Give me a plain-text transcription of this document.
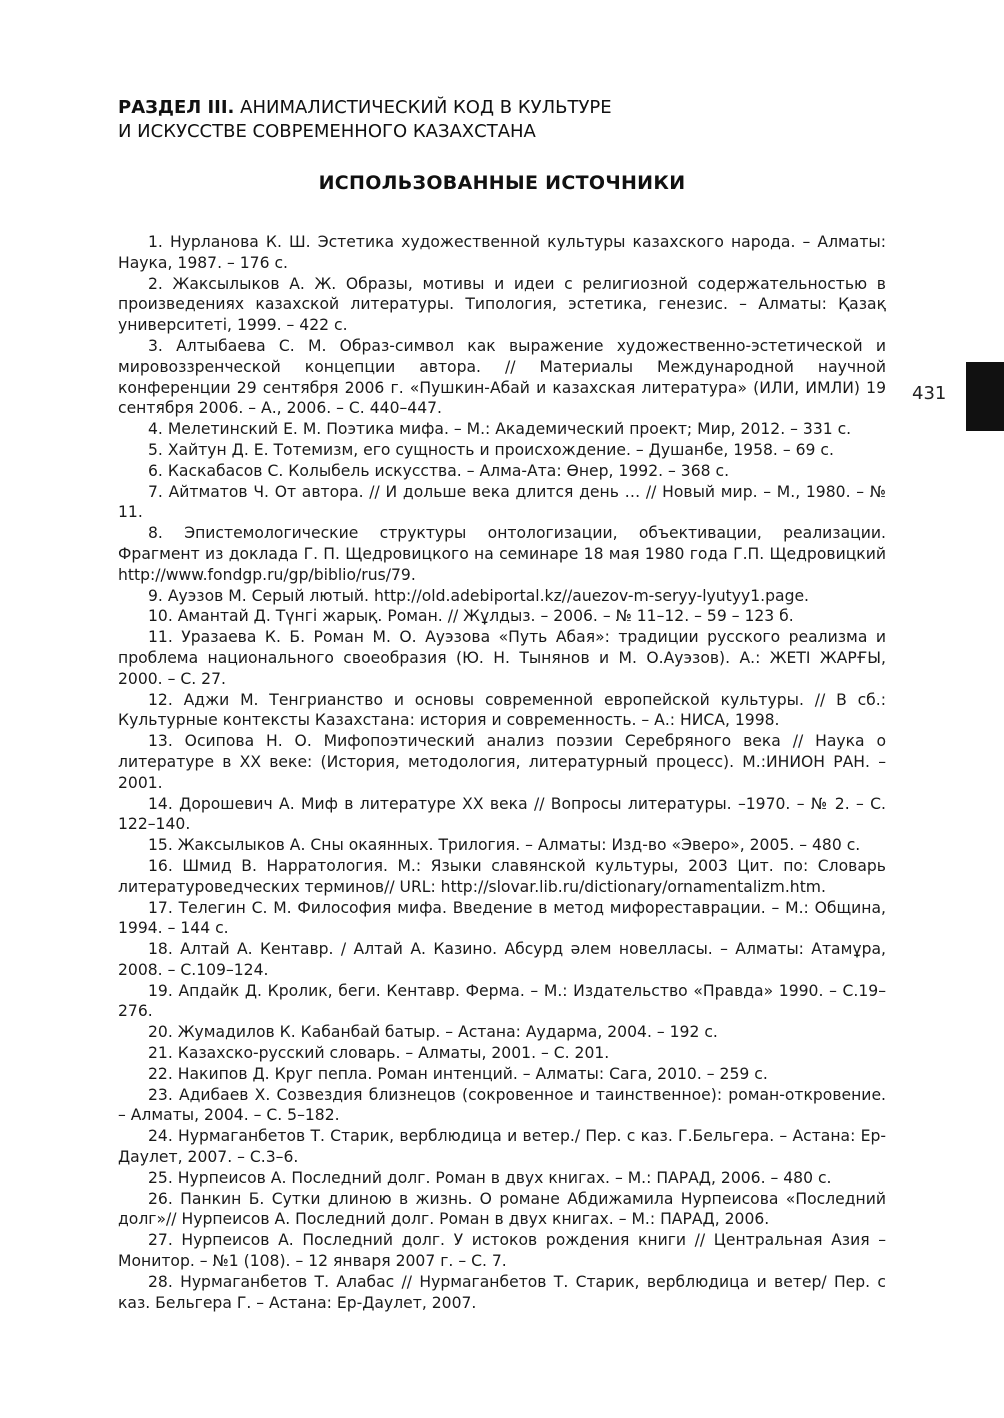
РАЗДЕЛ III. АНИМАЛИСТИЧЕСКИЙ КОД В КУЛЬТУРЕ
И ИСКУССТВЕ СОВРЕМЕННОГО КАЗАХСТАНА
ИСПОЛЬЗОВАННЫЕ ИСТОЧНИКИ
1. Нурланова К. Ш. Эстетика художественной культуры казахского народа. – Алматы: Наука, 1987. – 176 с.
2. Жаксылыков А. Ж. Образы, мотивы и идеи с религиозной содержательностью в произведениях казахской литературы. Типология, эстетика, генезис. – Алматы: Қазақ университеті, 1999. – 422 с.
3. Алтыбаева С. М. Образ-символ как выражение художественно-эстетической и мировоззренческой концепции автора. // Материалы Международной научной конференции 29 сентября 2006 г. «Пушкин-Абай и казахская литература» (ИЛИ, ИМЛИ) 19 сентября 2006. – А., 2006. – С. 440–447.
4. Мелетинский Е. М. Поэтика мифа. – М.: Академический проект; Мир, 2012. – 331 с.
5. Хайтун Д. Е. Тотемизм, его сущность и происхождение. – Душанбе, 1958. – 69 с.
6. Каскабасов С. Колыбель искусства. – Алма-Ата: Өнер, 1992. – 368 с.
7. Айтматов Ч. От автора. // И дольше века длится день … // Новый мир. – М., 1980. – № 11.
8. Эпистемологические структуры онтологизации, объективации, реализации. Фрагмент из доклада Г. П. Щедровицкого на семинаре 18 мая 1980 года Г.П. Щедровицкий http://www.fondgp.ru/gp/biblio/rus/79.
9. Ауэзов М. Серый лютый. http://old.adebiportal.kz//auezov-m-seryy-lyutyy1.page.
10. Амантай Д. Түнгі жарық. Роман. // Жұлдыз. – 2006. – № 11–12. – 59 – 123 б.
11. Уразаева К. Б. Роман М. О. Ауэзова «Путь Абая»: традиции русского реализма и проблема национального своеобразия (Ю. Н. Тынянов и М. О.Ауэзов). А.: ЖЕТІ ЖАРҒЫ, 2000. – С. 27.
12. Аджи М. Тенгрианство и основы современной европейской культуры. // В сб.: Культурные контексты Казахстана: история и современность. – А.: НИСА, 1998.
13. Осипова Н. О. Мифопоэтический анализ поэзии Серебряного века // Наука о литературе в XX веке: (История, методология, литературный процесс). М.:ИНИОН РАН. – 2001.
14. Дорошевич А. Миф в литературе XX века // Вопросы литературы. –1970. – № 2. – С. 122–140.
15. Жаксылыков А. Сны окаянных. Трилогия. – Алматы: Изд-во «Эверо», 2005. – 480 с.
16. Шмид В. Нарратология. М.: Языки славянской культуры, 2003 Цит. по: Словарь литературоведческих терминов// URL: http://slovar.lib.ru/dictionary/ornamentalizm.htm.
17. Телегин С. М. Философия мифа. Введение в метод мифореставрации. – М.: Община, 1994. – 144 с.
18. Алтай А. Кентавр. / Алтай А. Казино. Абсурд әлем новелласы. – Алматы: Атамұра, 2008. – С.109–124.
19. Апдайк Д. Кролик, беги. Кентавр. Ферма. – М.: Издательство «Правда» 1990. – С.19–276.
20. Жумадилов К. Кабанбай батыр. – Астана: Аударма, 2004. – 192 с.
21. Казахско-русский словарь. – Алматы, 2001. – С. 201.
22. Накипов Д. Круг пепла. Роман интенций. – Алматы: Сага, 2010. – 259 с.
23. Адибаев Х. Созвездия близнецов (сокровенное и таинственное): роман-откровение. – Алматы, 2004. – С. 5–182.
24. Нурмаганбетов Т. Старик, верблюдица и ветер./ Пер. с каз. Г.Бельгера. – Астана: Ер-Даулет, 2007. – С.3–6.
25. Нурпеисов А. Последний долг. Роман в двух книгах. – М.: ПАРАД, 2006. – 480 с.
26. Панкин Б. Сутки длиною в жизнь. О романе Абдижамила Нурпеисова «Последний долг»// Нурпеисов А. Последний долг. Роман в двух книгах. – М.: ПАРАД, 2006.
27. Нурпеисов А. Последний долг. У истоков рождения книги // Центральная Азия – Монитор. – №1 (108). – 12 января 2007 г. – С. 7.
28. Нурмаганбетов Т. Алабас // Нурмаганбетов Т. Старик, верблюдица и ветер/ Пер. с каз. Бельгера Г. – Астана: Ер-Даулет, 2007.
431
